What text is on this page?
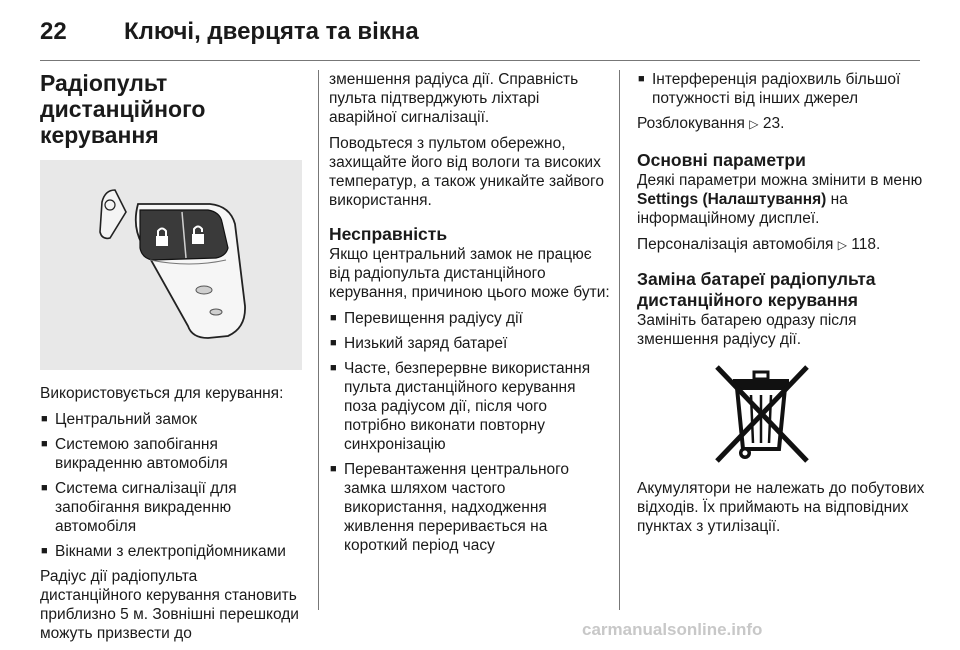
22 Ключі, дверцята та вікна
Радіопульт
дистанційного керування

Використовується для керування:

■ Центральний замок
■ Системою запобігання викраденню автомобіля
■ Система сигналізації для запобігання викраденню автомобіля
■ Вікнами з електропідйомниками

Радіус дії радіопульта дистанційного керування становить приблизно 5 м. Зовнішні перешкоди можуть призвести до

зменшення радіуса дії. Справність пульта підтверджують ліхтарі аварійної сигналізації.

Поводьтеся з пультом обережно, захищайте його від вологи та високих температур, а також уникайте зайвого використання.

Несправність

Якщо центральний замок не працює від радіопульта дистанційного керування, причиною цього може бути:

■ Перевищення радіусу дії
■ Низький заряд батареї
■ Часте, безперервне використання пульта дистанційного керування поза радіусом дії, після чого потрібно виконати повторну синхронізацію
■ Перевантаження центрального замка шляхом частого використання, надходження живлення переривається на короткий період часу
■ Інтерференція радіохвиль більшої потужності від інших джерел

Розблокування ▷ 23.

Основні параметри

Деякі параметри можна змінити в меню Settings (Налаштування) на інформаційному дисплеї.

Персоналізація автомобіля ▷ 118.

Заміна батареї радіопульта дистанційного керування

Замініть батарею одразу після зменшення радіусу дії.

Акумулятори не належать до побутових відходів. Їх приймають на відповідних пунктах з утилізації.

carmanualsonline.info
